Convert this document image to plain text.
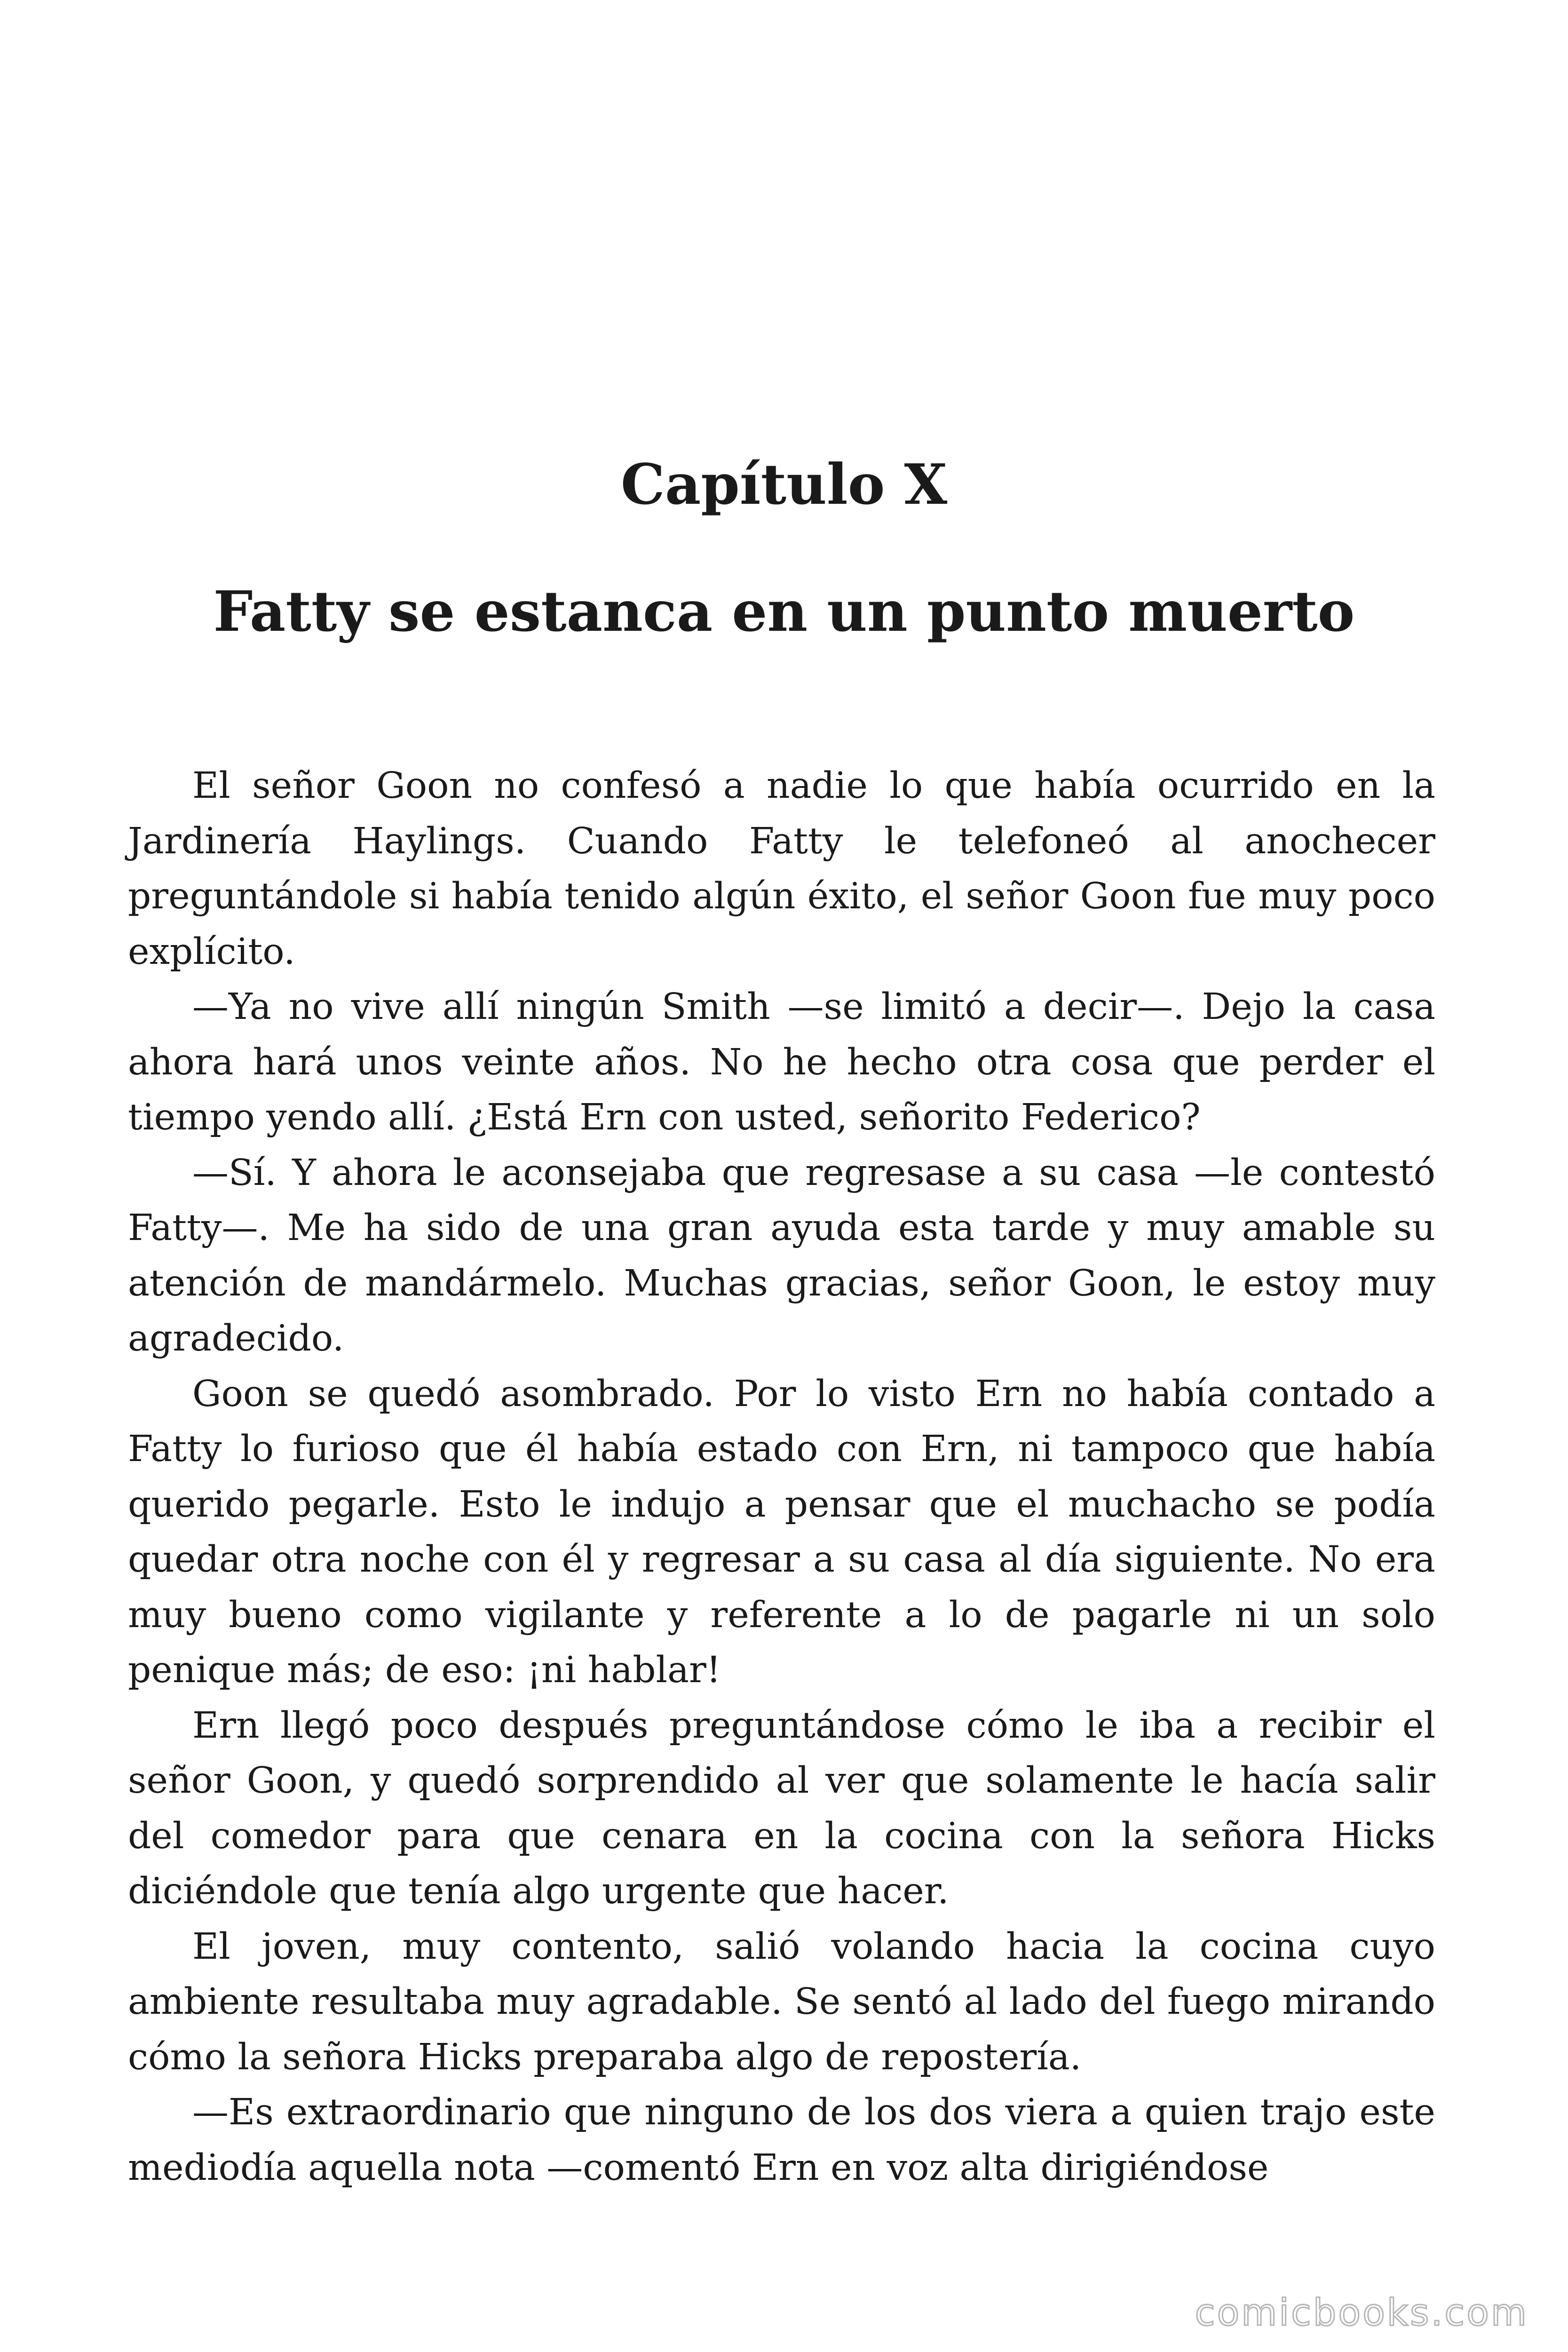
Capítulo X
Fatty se estanca en un punto muerto

El señor Goon no confesó a nadie lo que había ocurrido en la Jardinería Haylings. Cuando Fatty le telefoneó al anochecer preguntándole si había tenido algún éxito, el señor Goon fue muy poco explícito.

—Ya no vive allí ningún Smith —se limitó a decir—. Dejo la casa ahora hará unos veinte años. No he hecho otra cosa que perder el tiempo yendo allí. ¿Está Ern con usted, señorito Federico?

—Sí. Y ahora le aconsejaba que regresase a su casa —le contestó Fatty—. Me ha sido de una gran ayuda esta tarde y muy amable su atención de mandármelo. Muchas gracias, señor Goon, le estoy muy agradecido.

Goon se quedó asombrado. Por lo visto Ern no había contado a Fatty lo furioso que él había estado con Ern, ni tampoco que había querido pegarle. Esto le indujo a pensar que el muchacho se podía quedar otra noche con él y regresar a su casa al día siguiente. No era muy bueno como vigilante y referente a lo de pagarle ni un solo penique más; de eso: ¡ni hablar!

Ern llegó poco después preguntándose cómo le iba a recibir el señor Goon, y quedó sorprendido al ver que solamente le hacía salir del comedor para que cenara en la cocina con la señora Hicks diciéndole que tenía algo urgente que hacer.

El joven, muy contento, salió volando hacia la cocina cuyo ambiente resultaba muy agradable. Se sentó al lado del fuego mirando cómo la señora Hicks preparaba algo de repostería.

—Es extraordinario que ninguno de los dos viera a quien trajo este mediodía aquella nota —comentó Ern en voz alta dirigiéndose

comicbooks.com
